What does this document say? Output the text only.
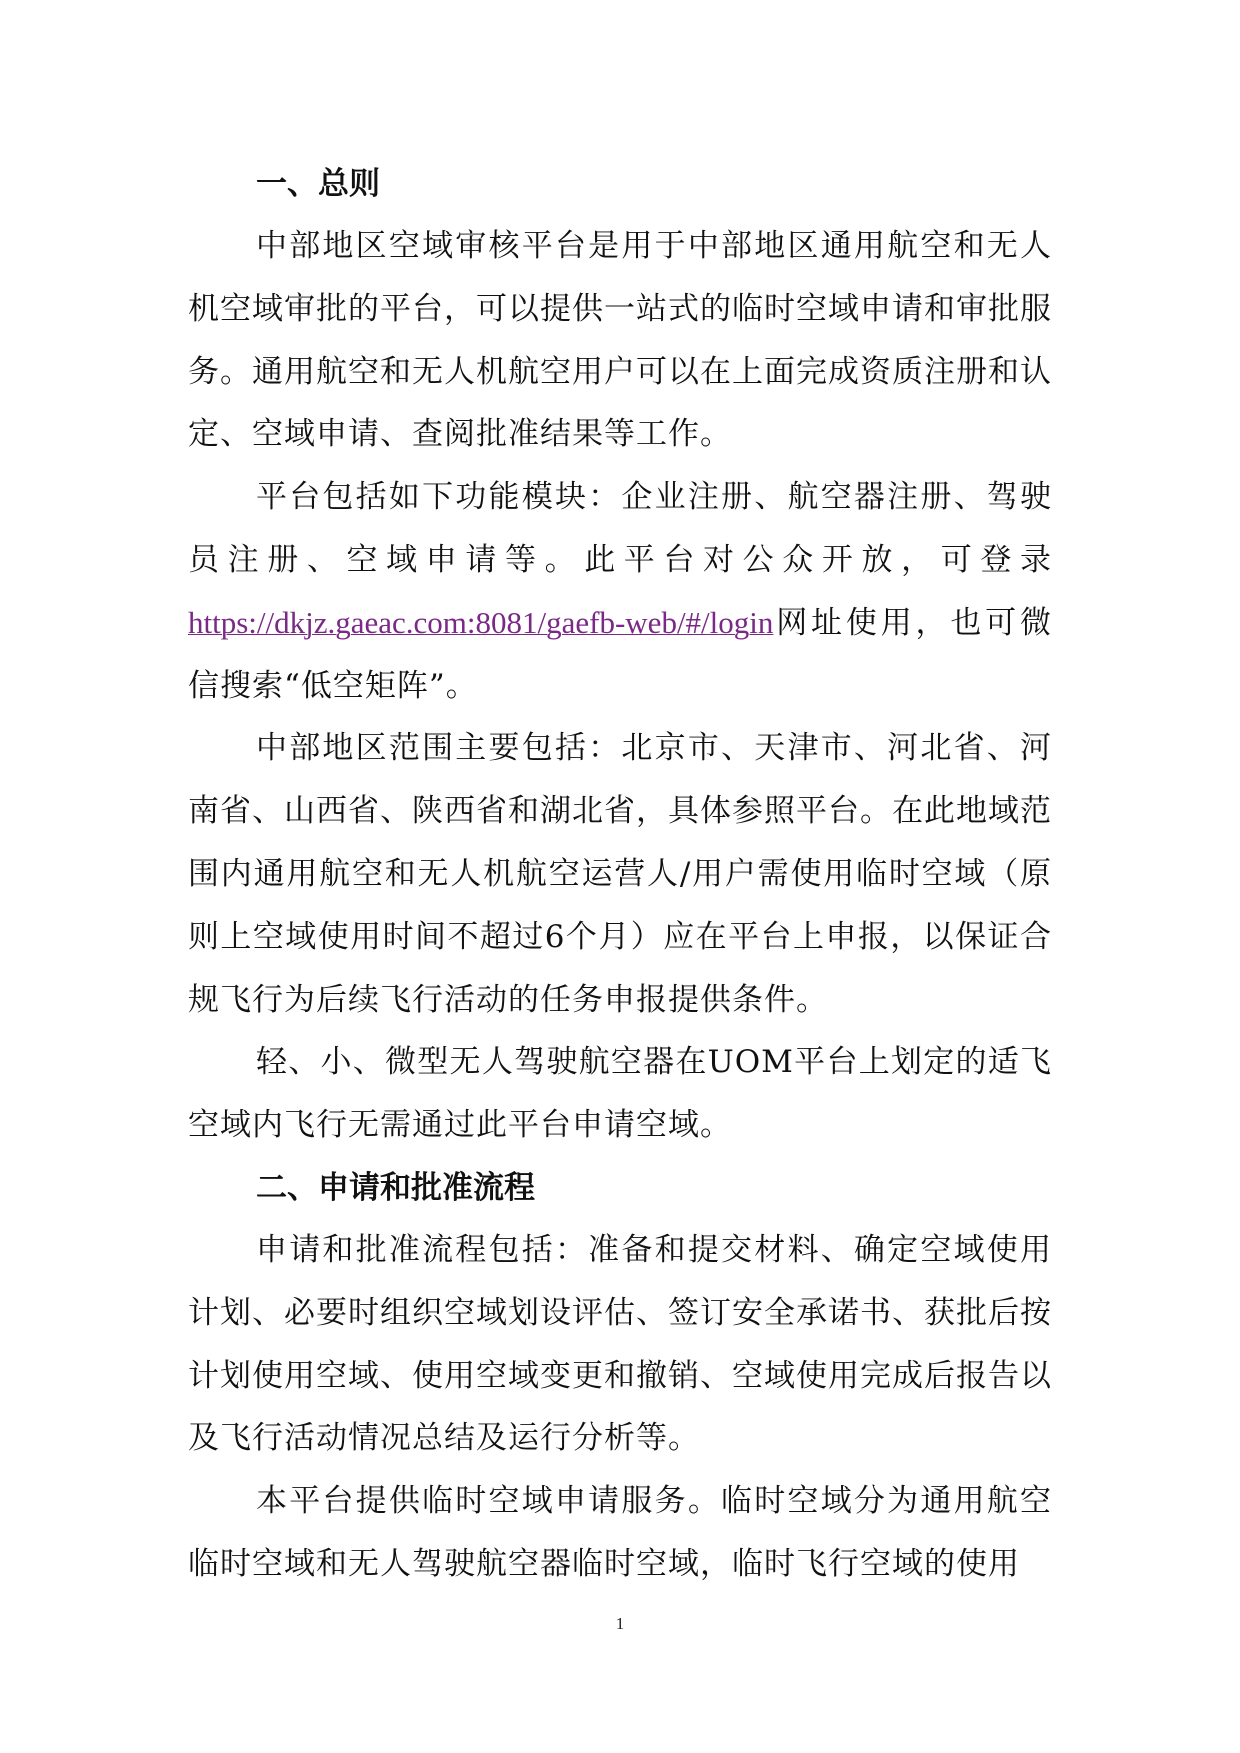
一、总则

中部地区空域审核平台是用于中部地区通用航空和无人机空域审批的平台，可以提供一站式的临时空域申请和审批服务。通用航空和无人机航空用户可以在上面完成资质注册和认定、空域申请、查阅批准结果等工作。

平台包括如下功能模块：企业注册、航空器注册、驾驶员注册、空域申请等。此平台对公众开放，可登录https://dkjz.gaeac.com:8081/gaefb-web/#/login网址使用，也可微信搜索“低空矩阵”。

中部地区范围主要包括：北京市、天津市、河北省、河南省、山西省、陕西省和湖北省，具体参照平台。在此地域范围内通用航空和无人机航空运营人/用户需使用临时空域（原则上空域使用时间不超过6个月）应在平台上申报，以保证合规飞行为后续飞行活动的任务申报提供条件。

轻、小、微型无人驾驶航空器在UOM平台上划定的适飞空域内飞行无需通过此平台申请空域。

二、申请和批准流程

申请和批准流程包括：准备和提交材料、确定空域使用计划、必要时组织空域划设评估、签订安全承诺书、获批后按计划使用空域、使用空域变更和撤销、空域使用完成后报告以及飞行活动情况总结及运行分析等。

本平台提供临时空域申请服务。临时空域分为通用航空临时空域和无人驾驶航空器临时空域，临时飞行空域的使用

1
